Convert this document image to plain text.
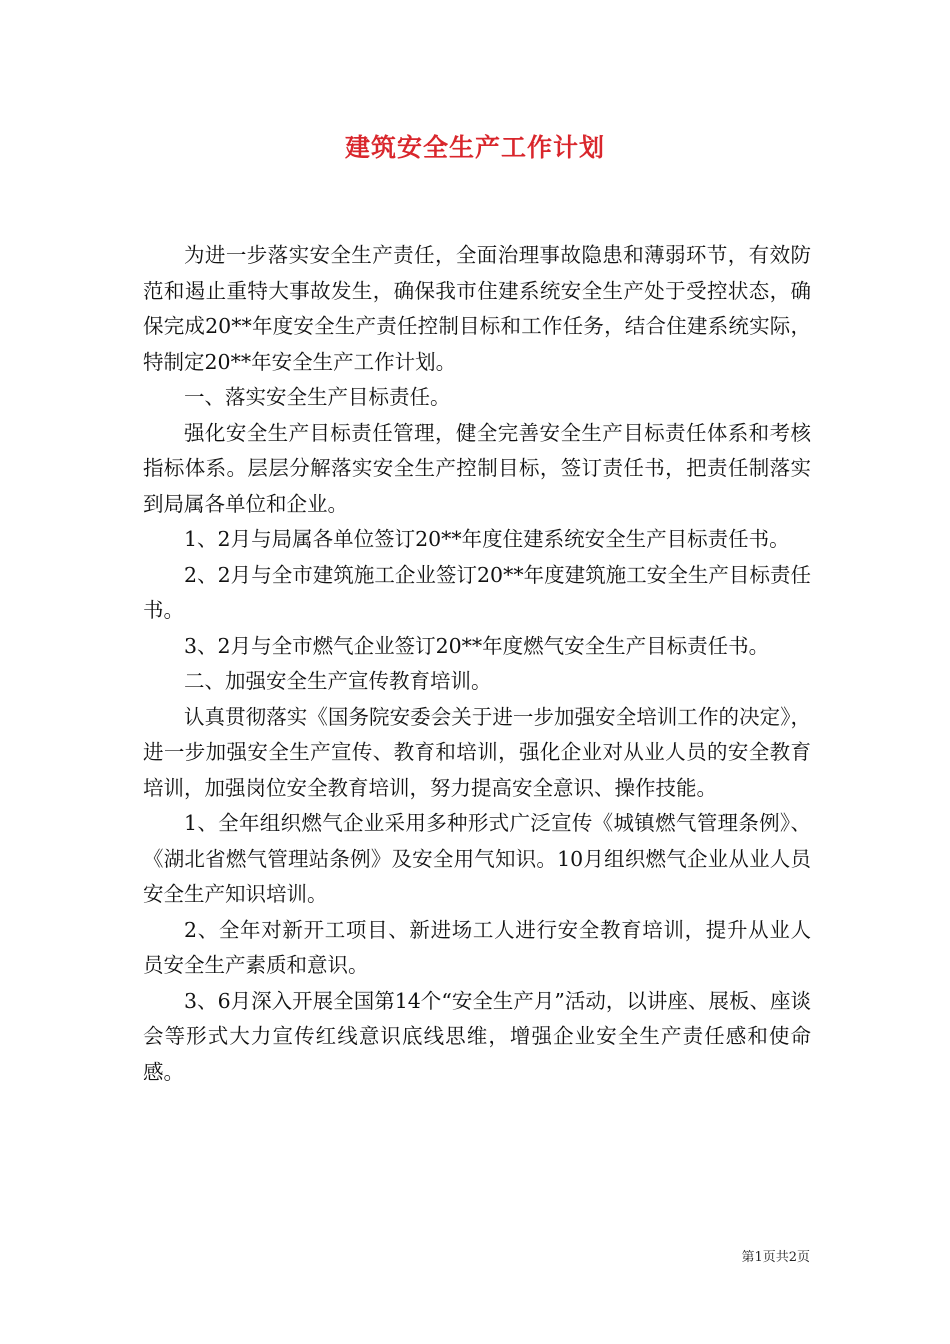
建筑安全生产工作计划

为进一步落实安全生产责任，全面治理事故隐患和薄弱环节，有效防范和遏止重特大事故发生，确保我市住建系统安全生产处于受控状态，确保完成20**年度安全生产责任控制目标和工作任务，结合住建系统实际，特制定20**年安全生产工作计划。

一、落实安全生产目标责任。

强化安全生产目标责任管理，健全完善安全生产目标责任体系和考核指标体系。层层分解落实安全生产控制目标，签订责任书，把责任制落实到局属各单位和企业。

1、2月与局属各单位签订20**年度住建系统安全生产目标责任书。

2、2月与全市建筑施工企业签订20**年度建筑施工安全生产目标责任书。

3、2月与全市燃气企业签订20**年度燃气安全生产目标责任书。

二、加强安全生产宣传教育培训。

认真贯彻落实《国务院安委会关于进一步加强安全培训工作的决定》，进一步加强安全生产宣传、教育和培训，强化企业对从业人员的安全教育培训，加强岗位安全教育培训，努力提高安全意识、操作技能。

1、全年组织燃气企业采用多种形式广泛宣传《城镇燃气管理条例》、《湖北省燃气管理站条例》及安全用气知识。10月组织燃气企业从业人员安全生产知识培训。

2、全年对新开工项目、新进场工人进行安全教育培训，提升从业人员安全生产素质和意识。

3、6月深入开展全国第14个“安全生产月”活动，以讲座、展板、座谈会等形式大力宣传红线意识底线思维，增强企业安全生产责任感和使命感。

第1页共2页
